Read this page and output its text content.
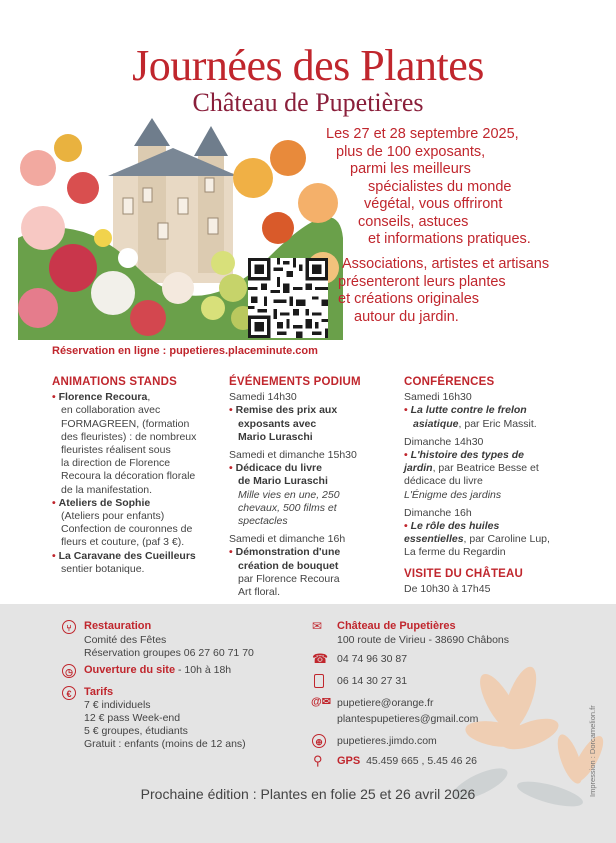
Journées des Plantes
Château de Pupetières
Les 27 et 28 septembre 2025,
plus de 100 exposants,
parmi les meilleurs
spécialistes du monde
végétal, vous offriront
conseils, astuces
et informations pratiques.
Associations, artistes et artisans
présenteront leurs plantes
et créations originales
autour du jardin.
Réservation en ligne : pupetieres.placeminute.com
ANIMATIONS STANDS
• Florence Recoura,
en collaboration avec
FORMAGREEN, (formation
des fleuristes) : de nombreux
fleuristes réalisent sous
la direction de Florence
Recoura la décoration florale
de la manifestation.
• Ateliers de Sophie
(Ateliers pour enfants)
Confection de couronnes de
fleurs et couture, (paf 3 €).
• La Caravane des Cueilleurs
sentier botanique.
ÉVÉNEMENTS PODIUM
Samedi 14h30
• Remise des prix aux
exposants avec
Mario Luraschi
Samedi et dimanche 15h30
• Dédicace du livre
de Mario Luraschi
Mille vies en une, 250
chevaux, 500 films et
spectacles
Samedi et dimanche 16h
• Démonstration d'une
création de bouquet
par Florence Recoura
Art floral.
CONFÉRENCES
Samedi 16h30
• La lutte contre le frelon
asiatique, par Eric Massit.
Dimanche 14h30
• L'histoire des types de
jardin, par Beatrice Besse et
dédicace du livre
L'Énigme des jardins
Dimanche 16h
• Le rôle des huiles
essentielles, par Caroline Lup,
La ferme du Regardin
VISITE DU CHÂTEAU
De 10h30 à 17h45
⑂	Restauration
Comité des Fêtes
Réservation groupes 06 27 60 71 70
◷ Ouverture du site - 10h à 18h
€	Tarifs
7 € individuels
12 € pass Week-end
5 € groupes, étudiants
Gratuit : enfants (moins de 12 ans)
✉ Château de Pupetières
100 route de Virieu - 38690 Châbons
☎ 04 74 96 30 87
06 14 30 27 31
@✉ pupetiere@orange.fr
plantespupetieres@gmail.com
⊕	pupetieres.jimdo.com
⚲ GPS 45.459 665 , 5.45 46 26
Prochaine édition : Plantes en folie 25 et 26 avril 2026	Impression : Dorcamelion.fr
